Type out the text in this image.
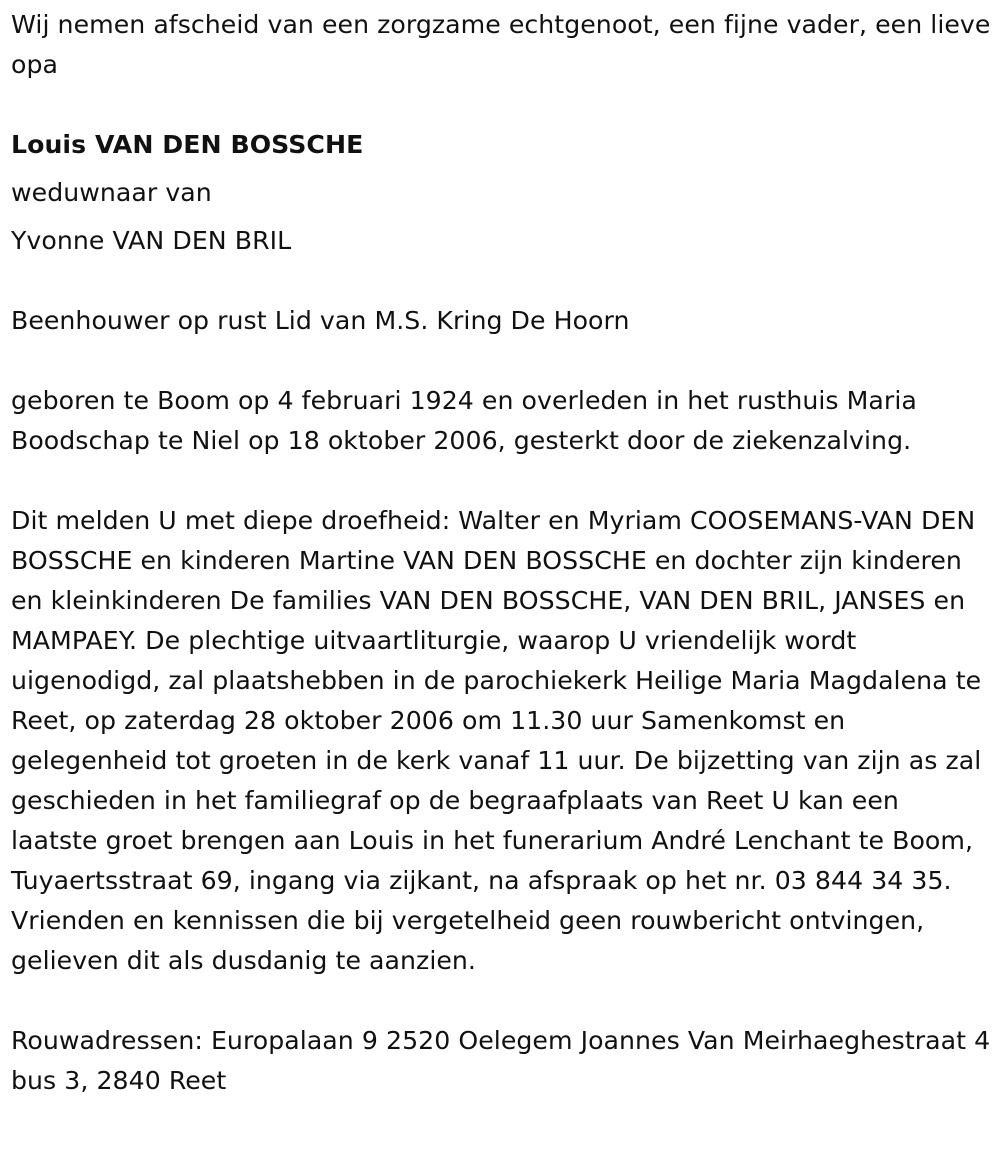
Wij nemen afscheid van een zorgzame echtgenoot, een fijne vader, een lieve opa

Louis VAN DEN BOSSCHE

weduwnaar van

Yvonne VAN DEN BRIL

Beenhouwer op rust Lid van M.S. Kring De Hoorn

geboren te Boom op 4 februari 1924 en overleden in het rusthuis Maria Boodschap te Niel op 18 oktober 2006, gesterkt door de ziekenzalving.

Dit melden U met diepe droefheid: Walter en Myriam COOSEMANS-VAN DEN BOSSCHE en kinderen Martine VAN DEN BOSSCHE en dochter zijn kinderen en kleinkinderen De families VAN DEN BOSSCHE, VAN DEN BRIL, JANSES en MAMPAEY. De plechtige uitvaartliturgie, waarop U vriendelijk wordt uigenodigd, zal plaatshebben in de parochiekerk Heilige Maria Magdalena te Reet, op zaterdag 28 oktober 2006 om 11.30 uur Samenkomst en gelegenheid tot groeten in de kerk vanaf 11 uur. De bijzetting van zijn as zal geschieden in het familiegraf op de begraafplaats van Reet U kan een laatste groet brengen aan Louis in het funerarium André Lenchant te Boom, Tuyaertsstraat 69, ingang via zijkant, na afspraak op het nr. 03 844 34 35. Vrienden en kennissen die bij vergetelheid geen rouwbericht ontvingen, gelieven dit als dusdanig te aanzien.

Rouwadressen: Europalaan 9 2520 Oelegem Joannes Van Meirhaeghestraat 4 bus 3, 2840 Reet
